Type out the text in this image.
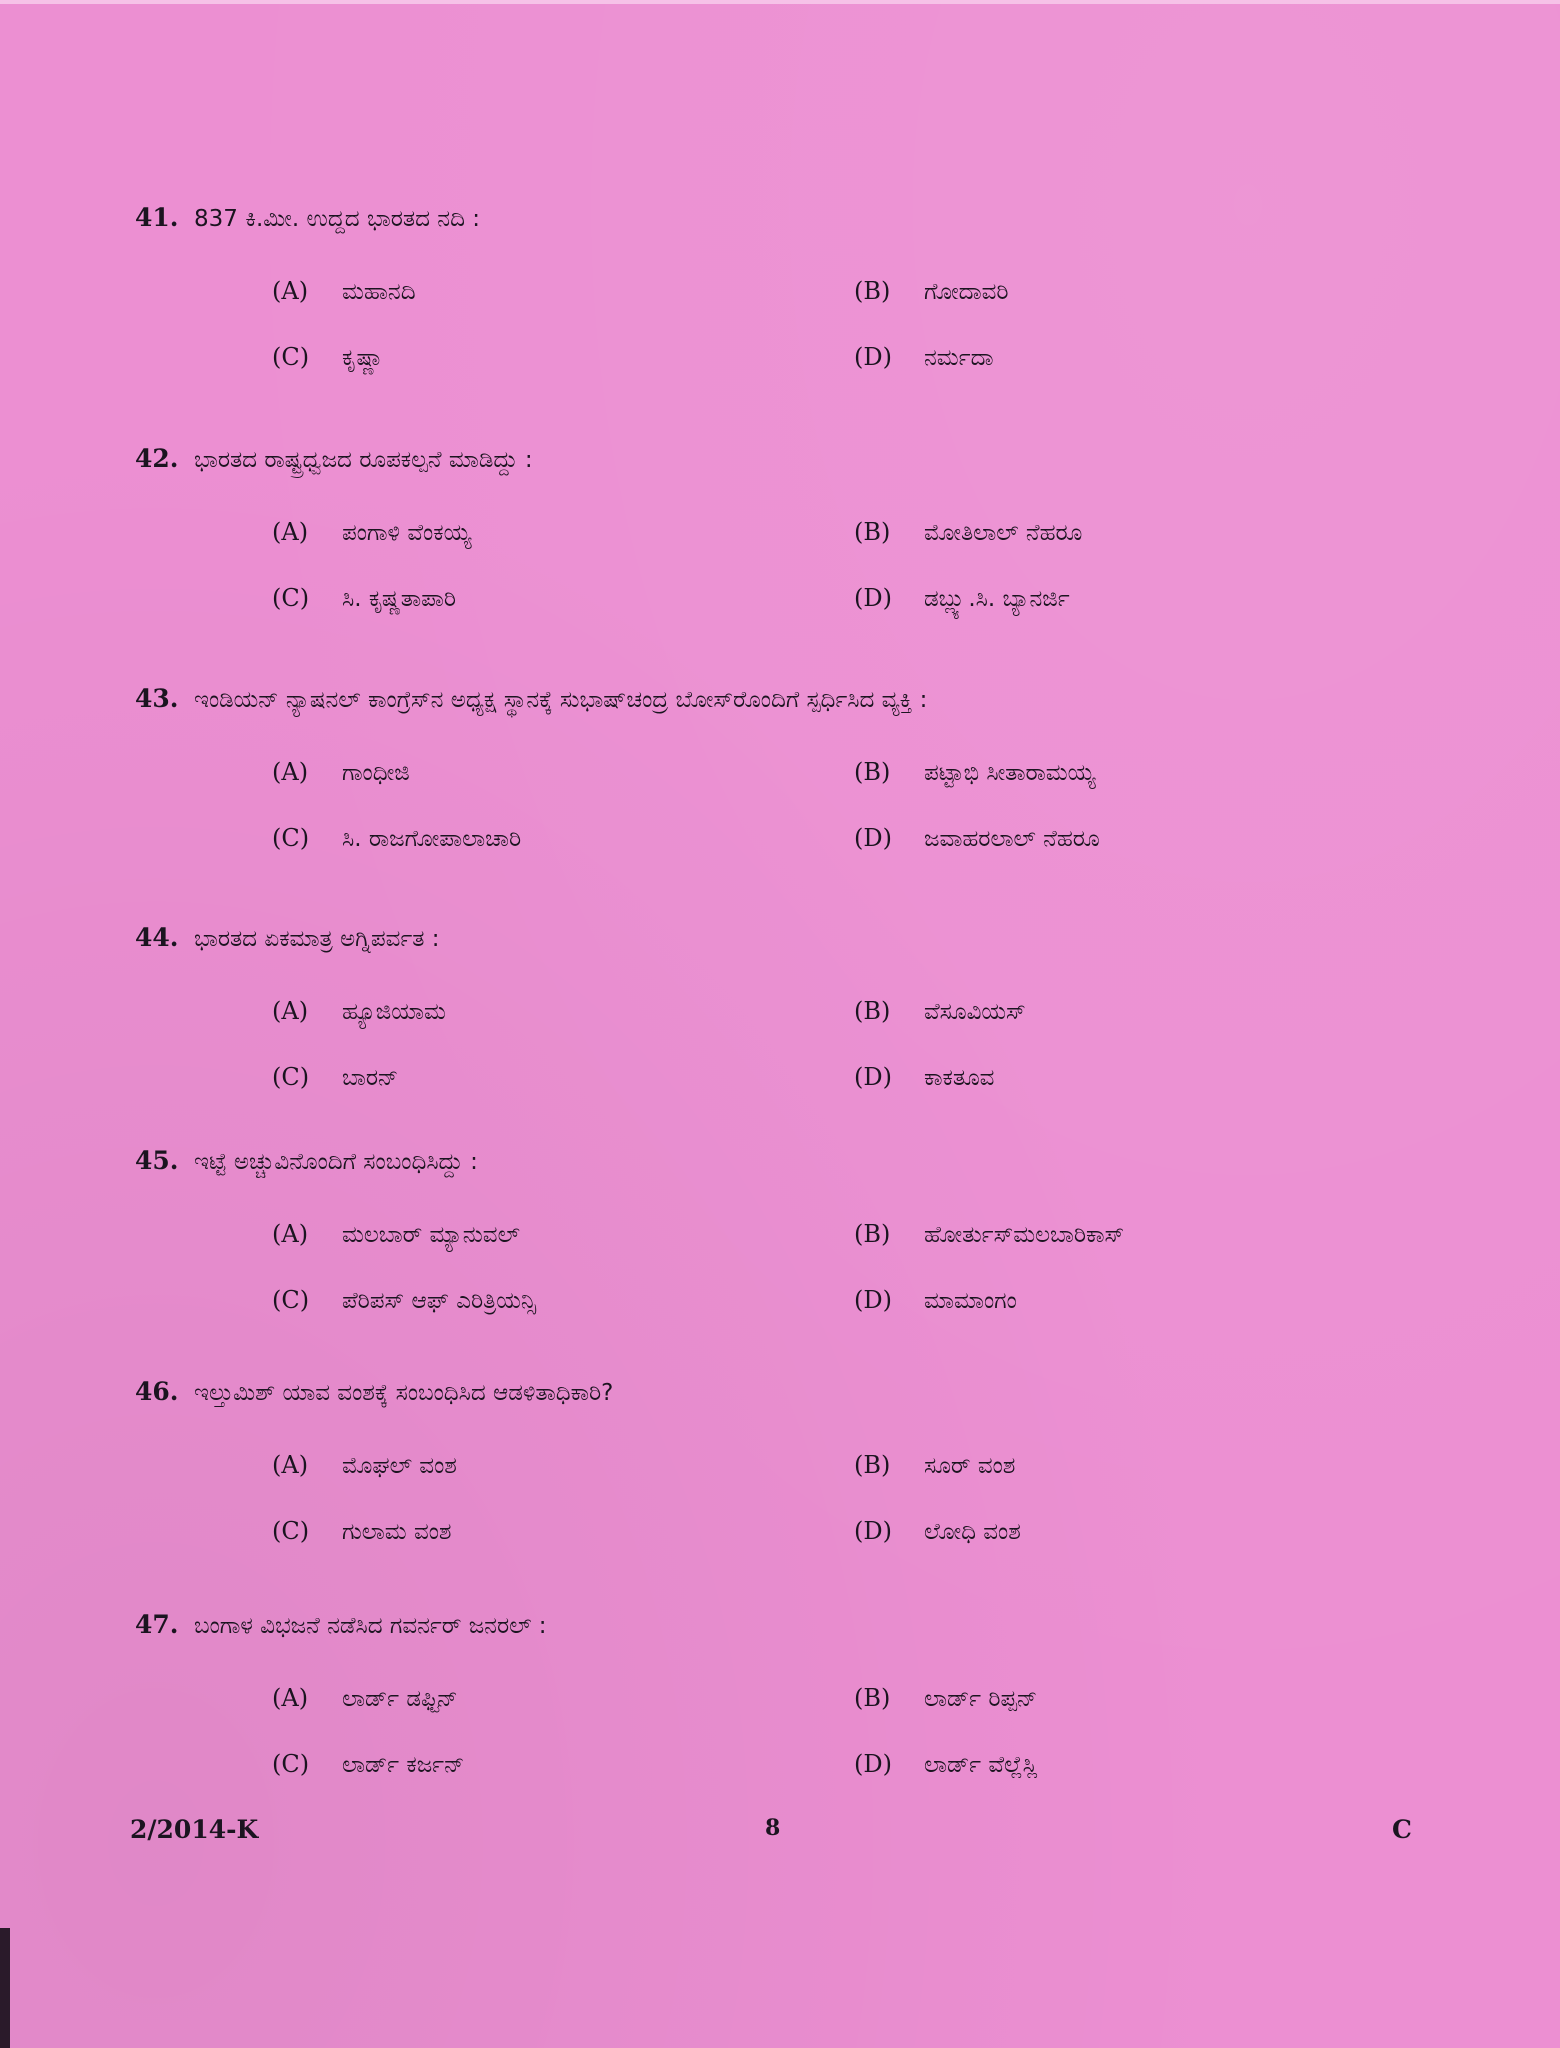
41. 837 ಕಿ.ಮೀ. ಉದ್ದದ ಭಾರತದ ನದಿ :
(A)	ಮಹಾನದಿ	(B)	ಗೋದಾವರಿ
(C)	ಕೃಷ್ಣಾ	(D)	ನರ್ಮದಾ
42. ಭಾರತದ ರಾಷ್ಟ್ರಧ್ವಜದ ರೂಪಕಲ್ಪನೆ ಮಾಡಿದ್ದು :
(A)	ಪಂಗಾಳಿ ವೆಂಕಯ್ಯ	(B)	ಮೋತಿಲಾಲ್ ನೆಹರೂ
(C)	ಸಿ. ಕೃಷ್ಣತಾಪಾರಿ	(D)	ಡಬ್ಲ್ಯು.ಸಿ. ಬ್ಯಾನರ್ಜಿ
43. ಇಂಡಿಯನ್ ನ್ಯಾಷನಲ್ ಕಾಂಗ್ರೆಸ್‌ನ ಅಧ್ಯಕ್ಷ ಸ್ಥಾನಕ್ಕೆ ಸುಭಾಷ್‌ಚಂದ್ರ ಬೋಸ್‌ರೊಂದಿಗೆ ಸ್ಪರ್ಧಿಸಿದ ವ್ಯಕ್ತಿ :
(A)	ಗಾಂಧೀಜಿ	(B)	ಪಟ್ಟಾಭಿ ಸೀತಾರಾಮಯ್ಯ
(C)	ಸಿ. ರಾಜಗೋಪಾಲಾಚಾರಿ	(D)	ಜವಾಹರಲಾಲ್ ನೆಹರೂ
44. ಭಾರತದ ಏಕಮಾತ್ರ ಅಗ್ನಿಪರ್ವತ :
(A)	ಹ್ಯೂಜಿಯಾಮ	(B)	ವೆಸೂವಿಯಸ್
(C)	ಬಾರನ್	(D)	ಕಾಕತೂವ
45. ಇಟ್ಟೆ ಅಚ್ಚುವಿನೊಂದಿಗೆ ಸಂಬಂಧಿಸಿದ್ದು :
(A)	ಮಲಬಾರ್ ಮ್ಯಾನುವಲ್	(B)	ಹೋರ್ತುಸ್‌ಮಲಬಾರಿಕಾಸ್
(C)	ಪೆರಿಪಸ್ ಆಫ್ ಎರಿತ್ರಿಯನ್ಸಿ	(D)	ಮಾಮಾಂಗಂ
46. ಇಲ್ತುಮಿಶ್ ಯಾವ ವಂಶಕ್ಕೆ ಸಂಬಂಧಿಸಿದ ಆಡಳಿತಾಧಿಕಾರಿ?
(A)	ಮೊಘಲ್ ವಂಶ	(B)	ಸೂರ್ ವಂಶ
(C)	ಗುಲಾಮ ವಂಶ	(D)	ಲೋಧಿ ವಂಶ
47. ಬಂಗಾಳ ವಿಭಜನೆ ನಡೆಸಿದ ಗವರ್ನರ್ ಜನರಲ್ :
(A)	ಲಾರ್ಡ್ ಡಫ್ಟಿನ್	(B)	ಲಾರ್ಡ್ ರಿಪ್ಪನ್
(C)	ಲಾರ್ಡ್ ಕರ್ಜನ್	(D)	ಲಾರ್ಡ್ ವೆಲ್ಲೆಸ್ಲಿ
2/2014-K	8	C
